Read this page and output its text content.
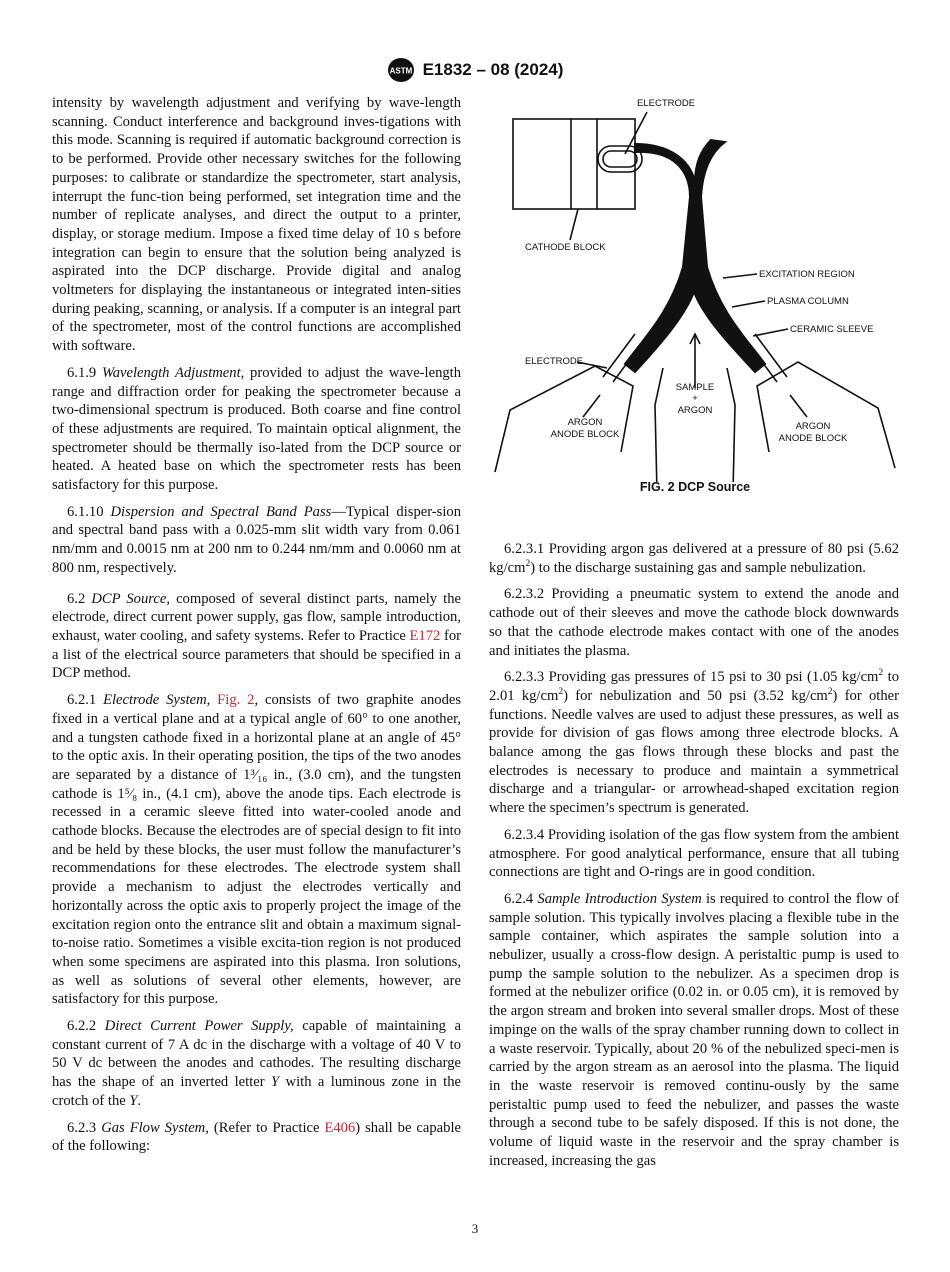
ASTM E1832 – 08 (2024)

intensity by wavelength adjustment and verifying by wave-length scanning. Conduct interference and background inves-tigations with this mode. Scanning is required if automatic background correction is to be performed. Provide other necessary switches for the following purposes: to calibrate or standardize the spectrometer, start analysis, interrupt the func-tion being performed, set integration time and the number of replicate analyses, and direct the output to a printer, display, or storage medium. Impose a fixed time delay of 10 s before integration can begin to ensure that the solution being analyzed is aspirated into the DCP discharge. Provide digital and analog voltmeters for displaying the instantaneous or integrated inten-sities during peaking, scanning, or analysis. If a computer is an integral part of the spectrometer, most of the control functions are accomplished with software.

6.1.9 Wavelength Adjustment, provided to adjust the wave-length range and diffraction order for peaking the spectrometer because a two-dimensional spectrum is produced. Both coarse and fine control of these adjustments are required. To maintain optical alignment, the spectrometer should be thermally iso-lated from the DCP source or heated. A heated base on which the spectrometer rests has been satisfactory for this purpose.

6.1.10 Dispersion and Spectral Band Pass—Typical disper-sion and spectral band pass with a 0.025-mm slit width vary from 0.061 nm/mm and 0.0015 nm at 200 nm to 0.244 nm/mm and 0.0060 nm at 800 nm, respectively.

6.2 DCP Source, composed of several distinct parts, namely the electrode, direct current power supply, gas flow, sample introduction, exhaust, water cooling, and safety systems. Refer to Practice E172 for a list of the electrical source parameters that should be specified in a DCP method.

6.2.1 Electrode System, Fig. 2, consists of two graphite anodes fixed in a vertical plane and at a typical angle of 60° to one another, and a tungsten cathode fixed in a horizontal plane at an angle of 45° to the optic axis. In their operating position, the tips of the two anodes are separated by a distance of 1³⁄₁₆ in., (3.0 cm), and the tungsten cathode is 1⁵⁄₈ in., (4.1 cm), above the anode tips. Each electrode is recessed in a ceramic sleeve fitted into water-cooled anode and cathode blocks. Because the electrodes are of special design to fit into and be held by these blocks, the user must follow the manufacturer’s recommendations for these electrodes. The electrode system shall provide a mechanism to adjust the electrodes vertically and horizontally across the optic axis to properly project the image of the excitation region onto the entrance slit and obtain a maximum signal-to-noise ratio. Sometimes a visible excita-tion region is not produced when some specimens are aspirated into this plasma. Iron solutions, as well as solutions of several other elements, however, are satisfactory for this purpose.

6.2.2 Direct Current Power Supply, capable of maintaining a constant current of 7 A dc in the discharge with a voltage of 40 V to 50 V dc between the anodes and cathodes. The resulting discharge has the shape of an inverted letter Y with a luminous zone in the crotch of the Y.

6.2.3 Gas Flow System, (Refer to Practice E406) shall be capable of the following:

ELECTRODE
CATHODE BLOCK
EXCITATION REGION
PLASMA COLUMN
CERAMIC SLEEVE
ELECTRODE
SAMPLE
+
ARGON
ARGON
ANODE BLOCK
ARGON
ANODE BLOCK
FIG. 2 DCP Source

6.2.3.1 Providing argon gas delivered at a pressure of 80 psi (5.62 $kg/cm^2$) to the discharge sustaining gas and sample nebulization.

6.2.3.2 Providing a pneumatic system to extend the anode and cathode out of their sleeves and move the cathode block downwards so that the cathode electrode makes contact with one of the anodes and initiates the plasma.

6.2.3.3 Providing gas pressures of 15 psi to 30 psi (1.05 $kg/cm^2$ to 2.01 $kg/cm^2$) for nebulization and 50 psi (3.52 $kg/cm^2$) for other functions. Needle valves are used to adjust these pressures, as well as provide for division of gas flows among three electrode blocks. A balance among the gas flows through these blocks and past the electrodes is necessary to produce and maintain a symmetrical discharge and a triangular- or arrowhead-shaped excitation region where the specimen’s spectrum is generated.

6.2.3.4 Providing isolation of the gas flow system from the ambient atmosphere. For good analytical performance, ensure that all tubing connections are tight and O-rings are in good condition.

6.2.4 Sample Introduction System is required to control the flow of sample solution. This typically involves placing a flexible tube in the sample container, which aspirates the sample solution into a nebulizer, usually a cross-flow design. A peristaltic pump is used to pump the sample solution to the nebulizer. As a specimen drop is formed at the nebulizer orifice (0.02 in. or 0.05 cm), it is removed by the argon stream and broken into several smaller drops. Most of these impinge on the walls of the spray chamber running down to collect in a waste reservoir. Typically, about 20 % of the nebulized speci-men is carried by the argon stream as an aerosol into the plasma. The liquid in the waste reservoir is removed continu-ously by the same peristaltic pump used to feed the nebulizer, and passes the waste through a second tube to be safely disposed. If this is not done, the volume of liquid waste in the reservoir and the spray chamber is increased, increasing the gas

3
